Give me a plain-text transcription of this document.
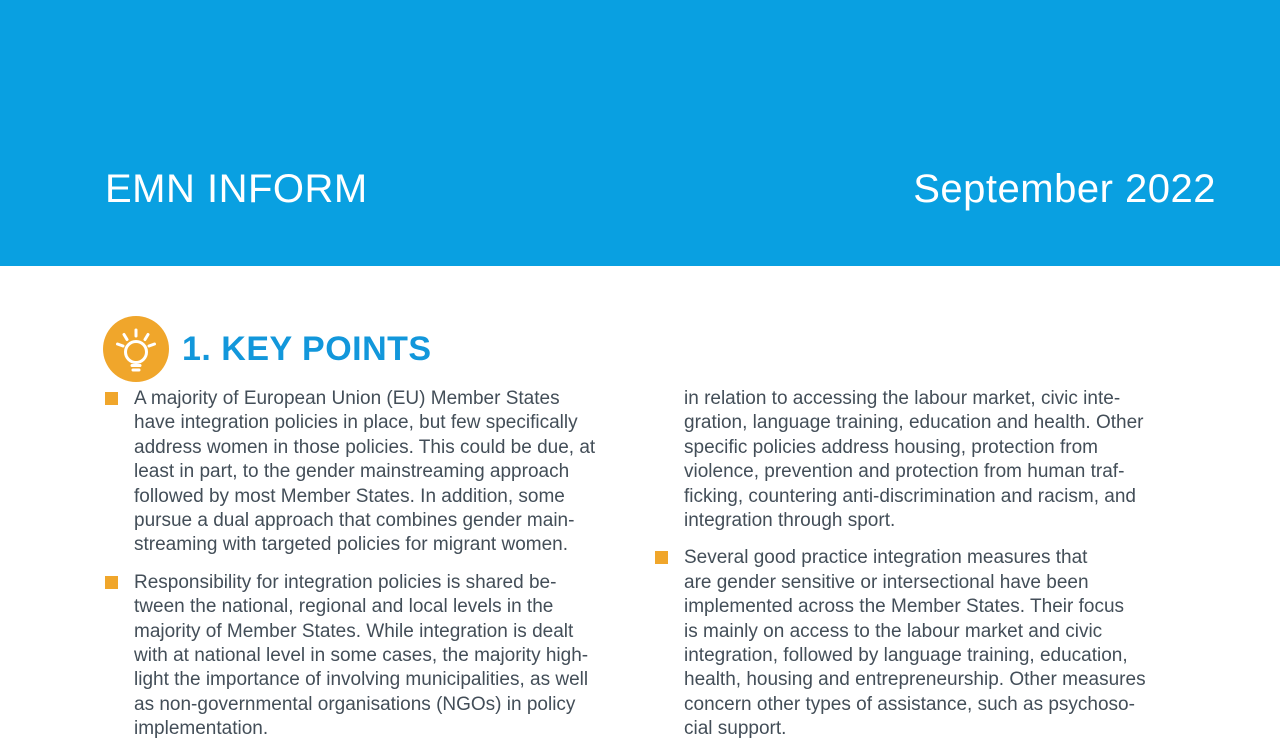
EMN INFORM	September 2022
1. KEY POINTS
A majority of European Union (EU) Member States
have integration policies in place, but few specifically
address women in those policies. This could be due, at
least in part, to the gender mainstreaming approach
followed by most Member States. In addition, some
pursue a dual approach that combines gender main-
streaming with targeted policies for migrant women.
Responsibility for integration policies is shared be-
tween the national, regional and local levels in the
majority of Member States. While integration is dealt
with at national level in some cases, the majority high-
light the importance of involving municipalities, as well
as non-governmental organisations (NGOs) in policy
implementation.
in relation to accessing the labour market, civic inte-
gration, language training, education and health. Other
specific policies address housing, protection from
violence, prevention and protection from human traf-
ficking, countering anti-discrimination and racism, and
integration through sport.
Several good practice integration measures that
are gender sensitive or intersectional have been
implemented across the Member States. Their focus
is mainly on access to the labour market and civic
integration, followed by language training, education,
health, housing and entrepreneurship. Other measures
concern other types of assistance, such as psychoso-
cial support.
